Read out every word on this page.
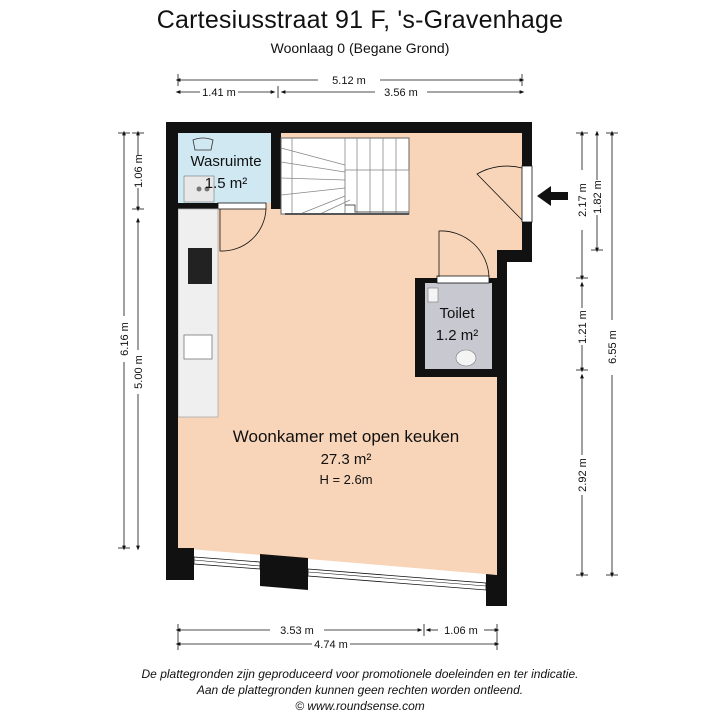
Cartesiusstraat 91 F, 's-Gravenhage
Woonlaag 0 (Begane Grond)
Wasruimte
1.5 m²
Toilet
1.2 m²
Woonkamer met open keuken
27.3 m²
H = 2.6m
5.12 m
1.41 m	3.56 m
1.06 m
6.16 m
5.00 m
2.17 m 1.82 m
1.21 m
2.92 m
6.55 m
3.53 m	1.06 m
4.74 m
De plattegronden zijn geproduceerd voor promotionele doeleinden en ter indicatie.
Aan de plattegronden kunnen geen rechten worden ontleend.
© www.roundsense.com
